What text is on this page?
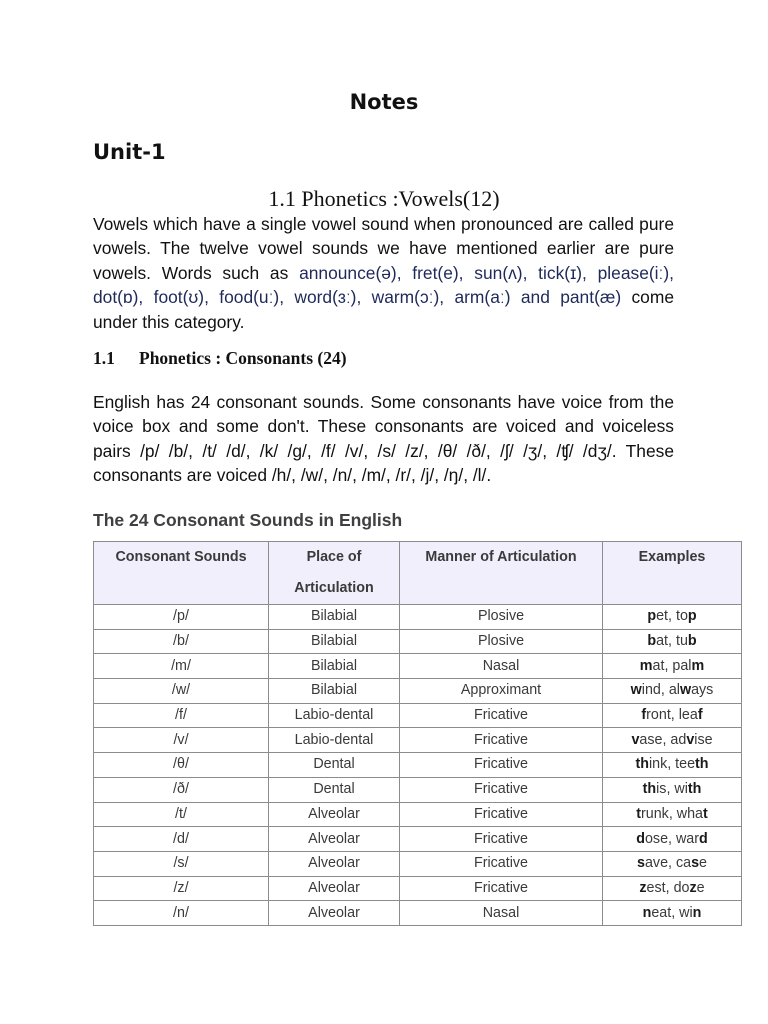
Notes
Unit-1
1.1 Phonetics :Vowels(12)
Vowels which have a single vowel sound when pronounced are called pure vowels. The twelve vowel sounds we have mentioned earlier are pure vowels. Words such as announce(ə), fret(e), sun(ʌ), tick(ɪ), please(iː), dot(ɒ), foot(ʊ), food(uː), word(ɜː), warm(ɔː), arm(aː) and pant(æ) come under this category.
1.1 Phonetics : Consonants (24)
English has 24 consonant sounds. Some consonants have voice from the voice box and some don't. These consonants are voiced and voiceless pairs /p/ /b/, /t/ /d/, /k/ /g/, /f/ /v/, /s/ /z/, /θ/ /ð/, /ʃ/ /ʒ/, /ʧ/ /dʒ/. These consonants are voiced /h/, /w/, /n/, /m/, /r/, /j/, /ŋ/, /l/.
The 24 Consonant Sounds in English
Consonant Sounds	Place of Articulation	Manner of Articulation	Examples
/p/	Bilabial	Plosive	pet, top
/b/	Bilabial	Plosive	bat, tub
/m/	Bilabial	Nasal	mat, palm
/w/	Bilabial	Approximant	wind, always
/f/	Labio-dental	Fricative	front, leaf
/v/	Labio-dental	Fricative	vase, advise
/θ/	Dental	Fricative	think, teeth
/ð/	Dental	Fricative	this, with
/t/	Alveolar	Fricative	trunk, what
/d/	Alveolar	Fricative	dose, ward
/s/	Alveolar	Fricative	save, case
/z/	Alveolar	Fricative	zest, doze
/n/	Alveolar	Nasal	neat, win
